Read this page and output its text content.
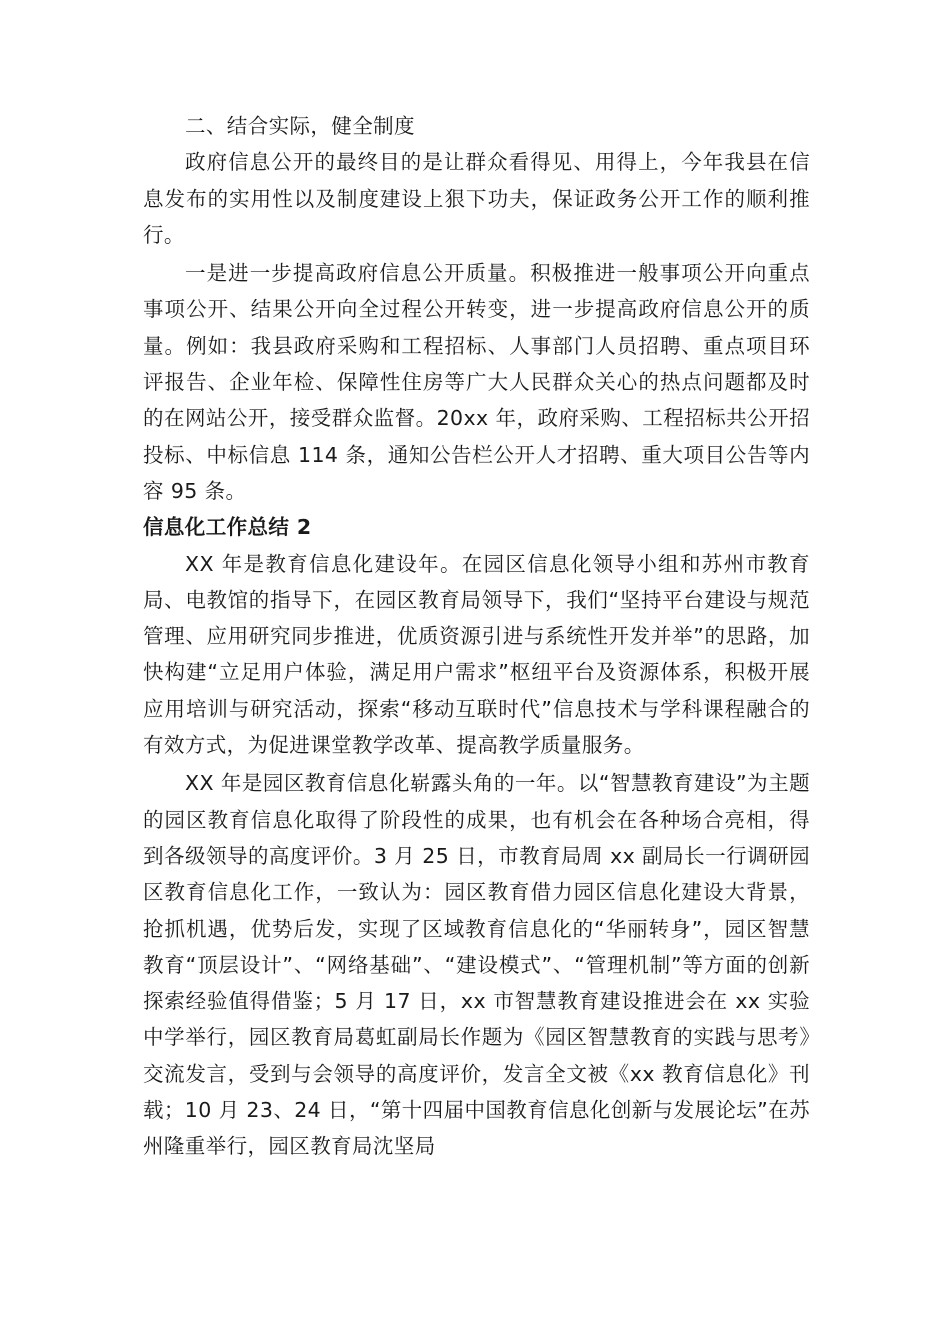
二、结合实际，健全制度

政府信息公开的最终目的是让群众看得见、用得上，今年我县在信息发布的实用性以及制度建设上狠下功夫，保证政务公开工作的顺利推行。

一是进一步提高政府信息公开质量。积极推进一般事项公开向重点事项公开、结果公开向全过程公开转变，进一步提高政府信息公开的质量。例如：我县政府采购和工程招标、人事部门人员招聘、重点项目环评报告、企业年检、保障性住房等广大人民群众关心的热点问题都及时的在网站公开，接受群众监督。20xx 年，政府采购、工程招标共公开招投标、中标信息 114 条，通知公告栏公开人才招聘、重大项目公告等内容 95 条。

信息化工作总结 2

XX 年是教育信息化建设年。在园区信息化领导小组和苏州市教育局、电教馆的指导下，在园区教育局领导下，我们“坚持平台建设与规范管理、应用研究同步推进，优质资源引进与系统性开发并举”的思路，加快构建“立足用户体验，满足用户需求”枢纽平台及资源体系，积极开展应用培训与研究活动，探索“移动互联时代”信息技术与学科课程融合的有效方式，为促进课堂教学改革、提高教学质量服务。

XX 年是园区教育信息化崭露头角的一年。以“智慧教育建设”为主题的园区教育信息化取得了阶段性的成果，也有机会在各种场合亮相，得到各级领导的高度评价。3 月 25 日，市教育局周 xx 副局长一行调研园区教育信息化工作，一致认为：园区教育借力园区信息化建设大背景，抢抓机遇，优势后发，实现了区域教育信息化的“华丽转身”，园区智慧教育“顶层设计”、“网络基础”、“建设模式”、“管理机制”等方面的创新探索经验值得借鉴；5 月 17 日，xx 市智慧教育建设推进会在 xx 实验中学举行，园区教育局葛虹副局长作题为《园区智慧教育的实践与思考》交流发言，受到与会领导的高度评价，发言全文被《xx 教育信息化》刊载；10 月 23、24 日，“第十四届中国教育信息化创新与发展论坛”在苏州隆重举行，园区教育局沈坚局
